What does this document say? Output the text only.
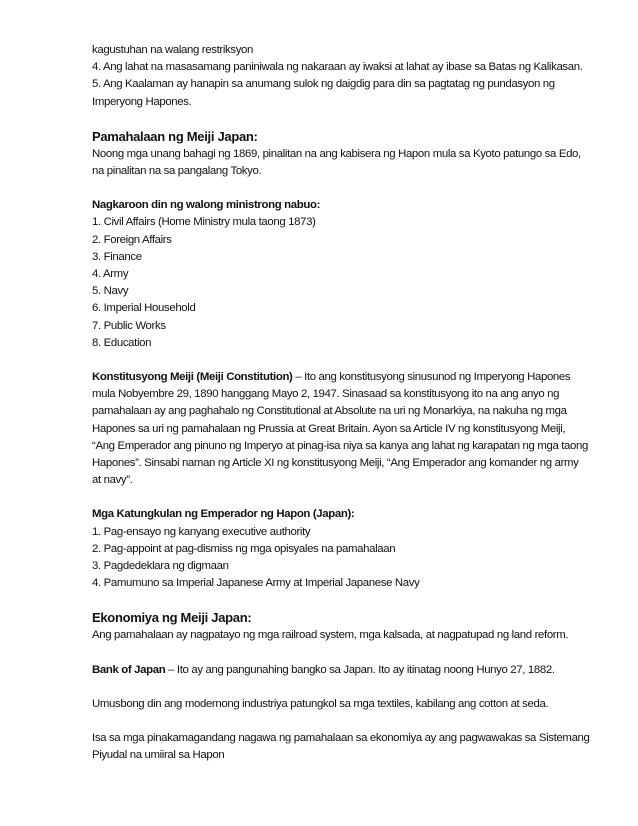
kagustuhan na walang restriksyon
4. Ang lahat na masasamang paniniwala ng nakaraan ay iwaksi at lahat ay ibase sa Batas ng Kalikasan.
5. Ang Kaalaman ay hanapin sa anumang sulok ng daigdig para din sa pagtatag ng pundasyon ng
Imperyong Hapones.
Pamahalaan ng Meiji Japan:
Noong mga unang bahagi ng 1869, pinalitan na ang kabisera ng Hapon mula sa Kyoto patungo sa Edo,
na pinalitan na sa pangalang Tokyo.
Nagkaroon din ng walong ministrong nabuo:
1. Civil Affairs (Home Ministry mula taong 1873)
2. Foreign Affairs
3. Finance
4. Army
5. Navy
6. Imperial Household
7. Public Works
8. Education
Konstitusyong Meiji (Meiji Constitution) – Ito ang konstitusyong sinusunod ng Imperyong Hapones
mula Nobyembre 29, 1890 hanggang Mayo 2, 1947. Sinasaad sa konstitusyong ito na ang anyo ng
pamahalaan ay ang paghahalo ng Constitutional at Absolute na uri ng Monarkiya, na nakuha ng mga
Hapones sa uri ng pamahalaan ng Prussia at Great Britain. Ayon sa Article IV ng konstitusyong Meiji,
“Ang Emperador ang pinuno ng Imperyo at pinag-isa niya sa kanya ang lahat ng karapatan ng mga taong
Hapones”. Sinsabi naman ng Article XI ng konstitusyong Meiji, “Ang Emperador ang komander ng army
at navy”.
Mga Katungkulan ng Emperador ng Hapon (Japan):
1. Pag-ensayo ng kanyang executive authority
2. Pag-appoint at pag-dismiss ng mga opisyales na pamahalaan
3. Pagdedeklara ng digmaan
4. Pamumuno sa Imperial Japanese Army at Imperial Japanese Navy
Ekonomiya ng Meiji Japan:
Ang pamahalaan ay nagpatayo ng mga railroad system, mga kalsada, at nagpatupad ng land reform.
Bank of Japan – Ito ay ang pangunahing bangko sa Japan. Ito ay itinatag noong Hunyo 27, 1882.
Umusbong din ang modernong industriya patungkol sa mga textiles, kabilang ang cotton at seda.
Isa sa mga pinakamagandang nagawa ng pamahalaan sa ekonomiya ay ang pagwawakas sa Sistemang
Piyudal na umiiral sa Hapon
